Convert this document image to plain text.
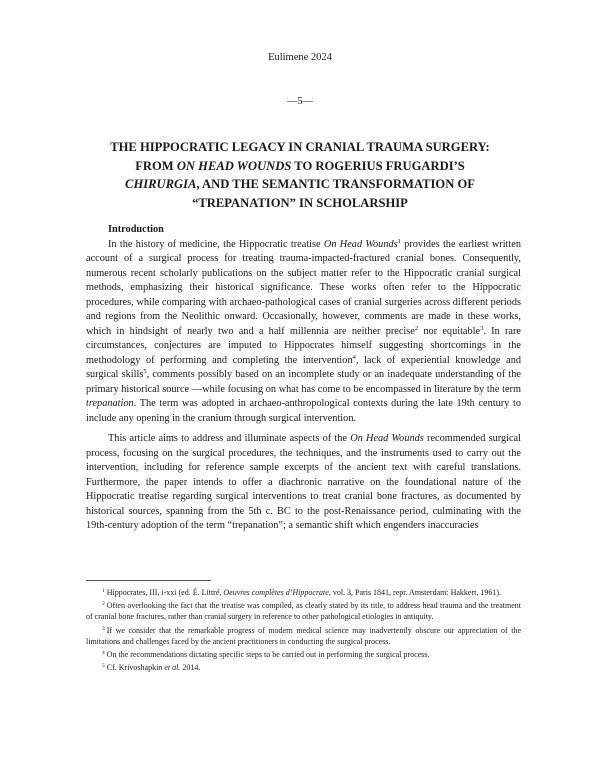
Eulimene 2024
—5—
THE HIPPOCRATIC LEGACY IN CRANIAL TRAUMA SURGERY:
FROM ON HEAD WOUNDS TO ROGERIUS FRUGARDI’S
CHIRURGIA, AND THE SEMANTIC TRANSFORMATION OF
“TREPANATION” IN SCHOLARSHIP
Introduction

In the history of medicine, the Hippocratic treatise On Head Wounds$^1$ provides the earliest written account of a surgical process for treating trauma-impacted-fractured cranial bones. Consequently, numerous recent scholarly publications on the subject matter refer to the Hippocratic cranial surgical methods, emphasizing their historical significance. These works often refer to the Hippocratic procedures, while comparing with archaeo-pathological cases of cranial surgeries across different periods and regions from the Neolithic onward. Occasionally, however, comments are made in these works, which in hindsight of nearly two and a half millennia are neither precise$^2$ nor equitable$^3$. In rare circumstances, conjectures are imputed to Hippocrates himself suggesting shortcomings in the methodology of performing and completing the intervention$^4$, lack of experiential knowledge and surgical skills$^5$, comments possibly based on an incomplete study or an inadequate understanding of the primary historical source —while focusing on what has come to be encompassed in literature by the term trepanation. The term was adopted in archaeo-anthropological contexts during the late 19th century to include any opening in the cranium through surgical intervention.

This article aims to address and illuminate aspects of the On Head Wounds recommended surgical process, focusing on the surgical procedures, the techniques, and the instruments used to carry out the intervention, including for reference sample excerpts of the ancient text with careful translations. Furthermore, the paper intends to offer a diachronic narrative on the foundational nature of the Hippocratic treatise regarding surgical interventions to treat cranial bone fractures, as documented by historical sources, spanning from the 5th c. BC to the post-Renaissance period, culminating with the 19th-century adoption of the term “trepanation”; a semantic shift which engenders inaccuracies

$^1$ Hippocrates, III, i-xxi (ed. É. Littré, Oeuvres complètes d’Hippocrate, vol. 3, Paris 1841, repr. Amsterdam: Hakkert, 1961).
$^2$ Often overlooking the fact that the treatise was compiled, as clearly stated by its title, to address head trauma and the treatment of cranial bone fractures, rather than cranial surgery in reference to other pathological etiologies in antiquity.
$^3$ If we consider that the remarkable progress of modern medical science may inadvertently obscure our appreciation of the limitations and challenges faced by the ancient practitioners in conducting the surgical process.
$^4$ On the recommendations dictating specific steps to be carried out in performing the surgical process.
$^5$ Cf. Krivoshapkin et al. 2014.
